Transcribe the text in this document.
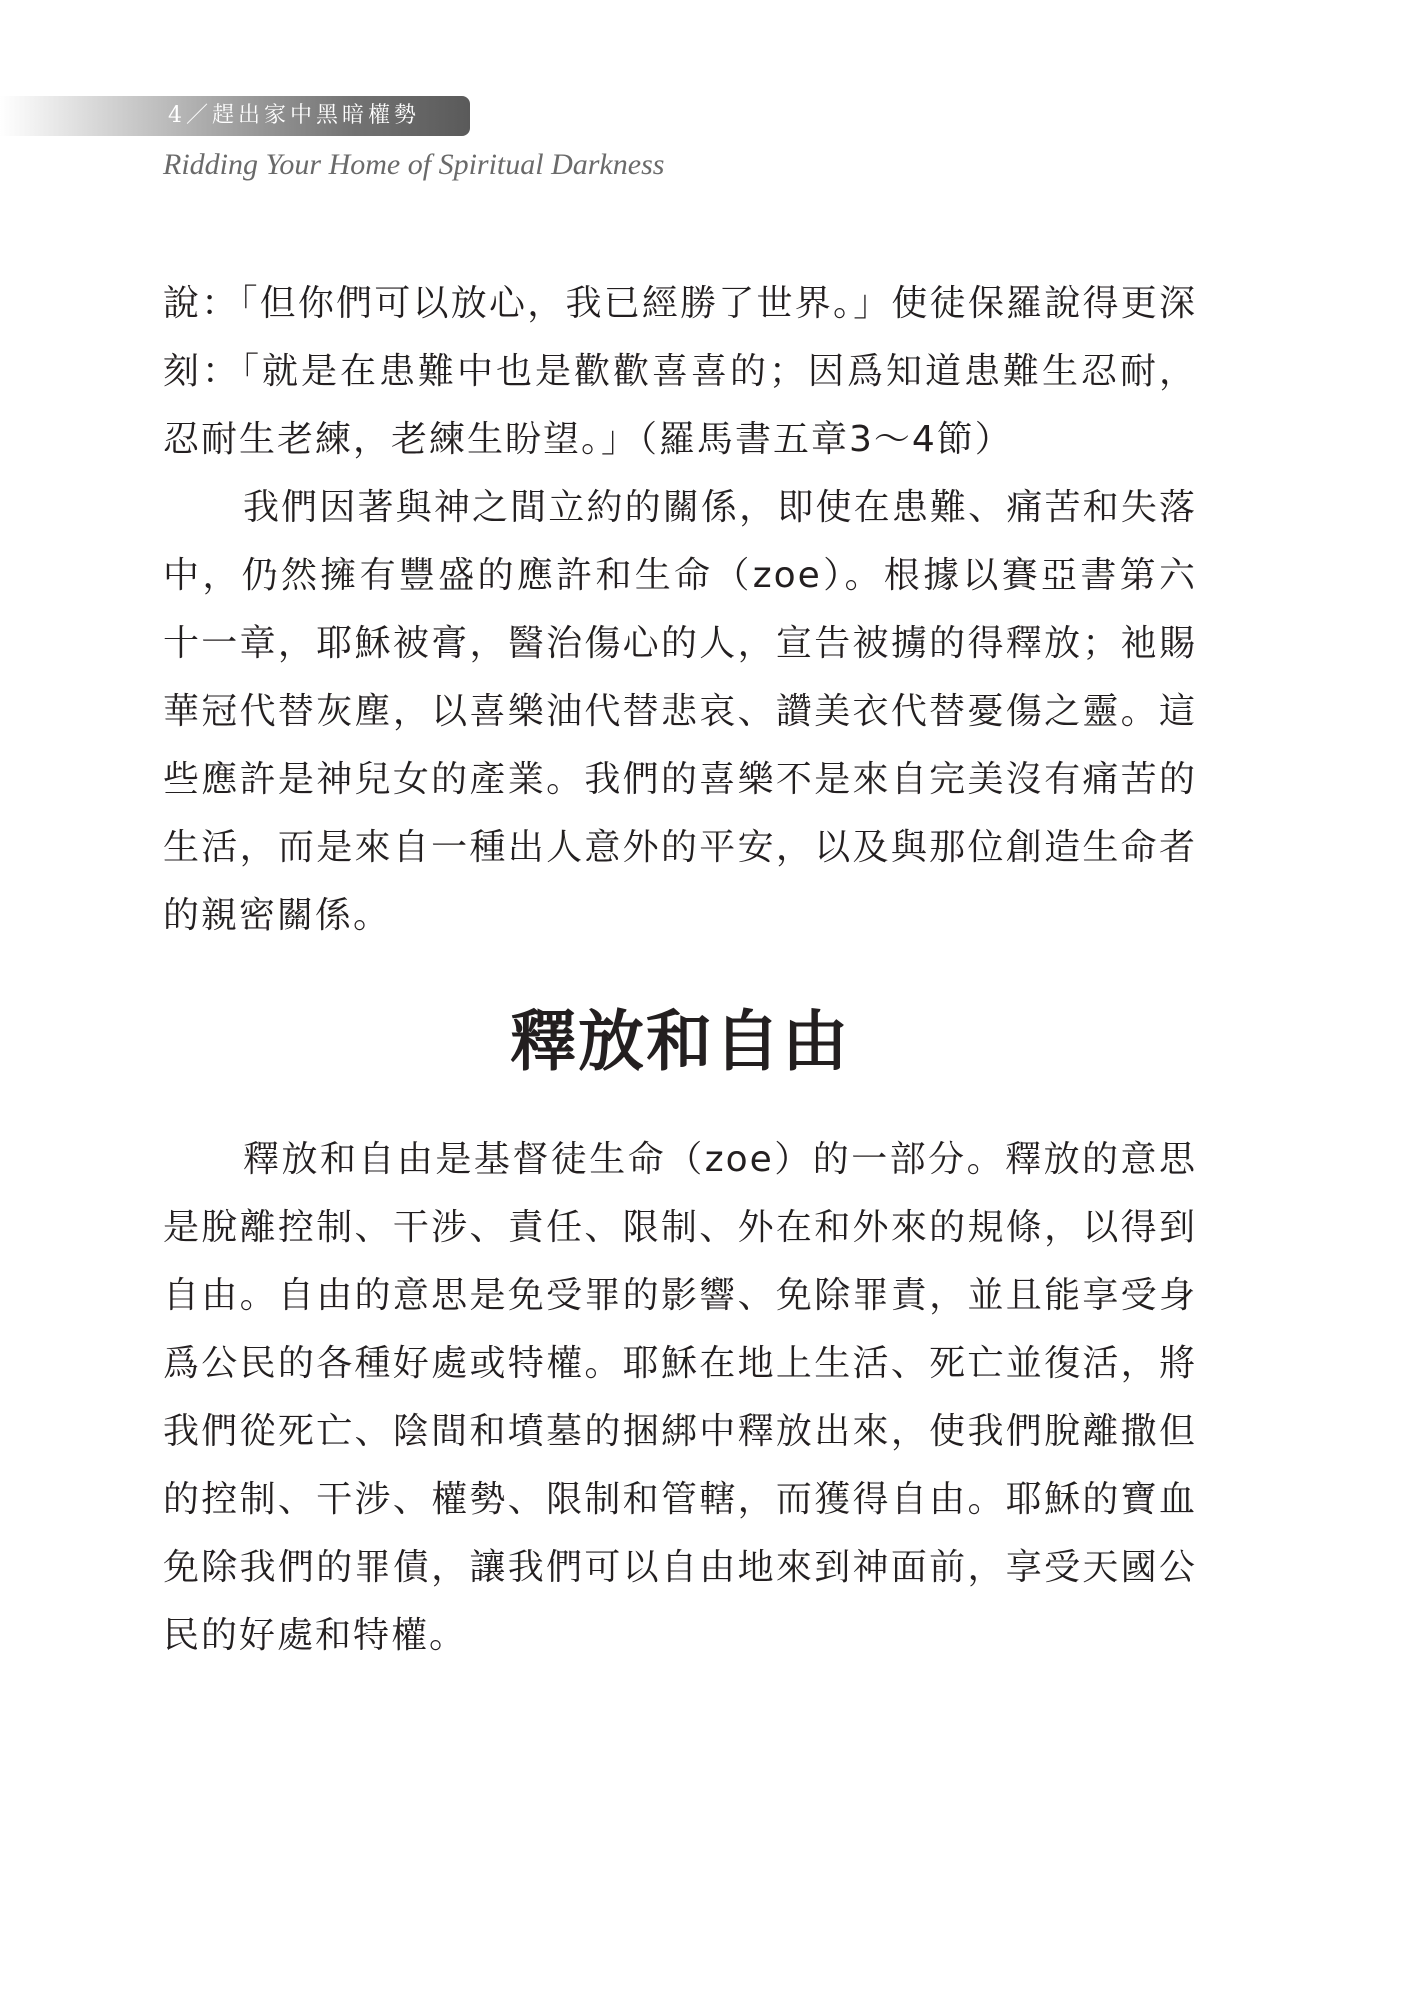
4／趕出家中黑暗權勢
Ridding Your Home of Spiritual Darkness

說：「但你們可以放心，我已經勝了世界。」使徒保羅說得更深刻：「就是在患難中也是歡歡喜喜的；因爲知道患難生忍耐，忍耐生老練，老練生盼望。」（羅馬書五章3～4節）

我們因著與神之間立約的關係，即使在患難、痛苦和失落中，仍然擁有豐盛的應許和生命（zoe）。根據以賽亞書第六十一章，耶穌被膏，醫治傷心的人，宣告被擄的得釋放；祂賜華冠代替灰塵，以喜樂油代替悲哀、讚美衣代替憂傷之靈。這些應許是神兒女的產業。我們的喜樂不是來自完美沒有痛苦的生活，而是來自一種出人意外的平安，以及與那位創造生命者的親密關係。

釋放和自由

釋放和自由是基督徒生命（zoe）的一部分。釋放的意思是脫離控制、干涉、責任、限制、外在和外來的規條，以得到自由。自由的意思是免受罪的影響、免除罪責，並且能享受身爲公民的各種好處或特權。耶穌在地上生活、死亡並復活，將我們從死亡、陰間和墳墓的捆綁中釋放出來，使我們脫離撒但的控制、干涉、權勢、限制和管轄，而獲得自由。耶穌的寶血免除我們的罪債，讓我們可以自由地來到神面前，享受天國公民的好處和特權。
